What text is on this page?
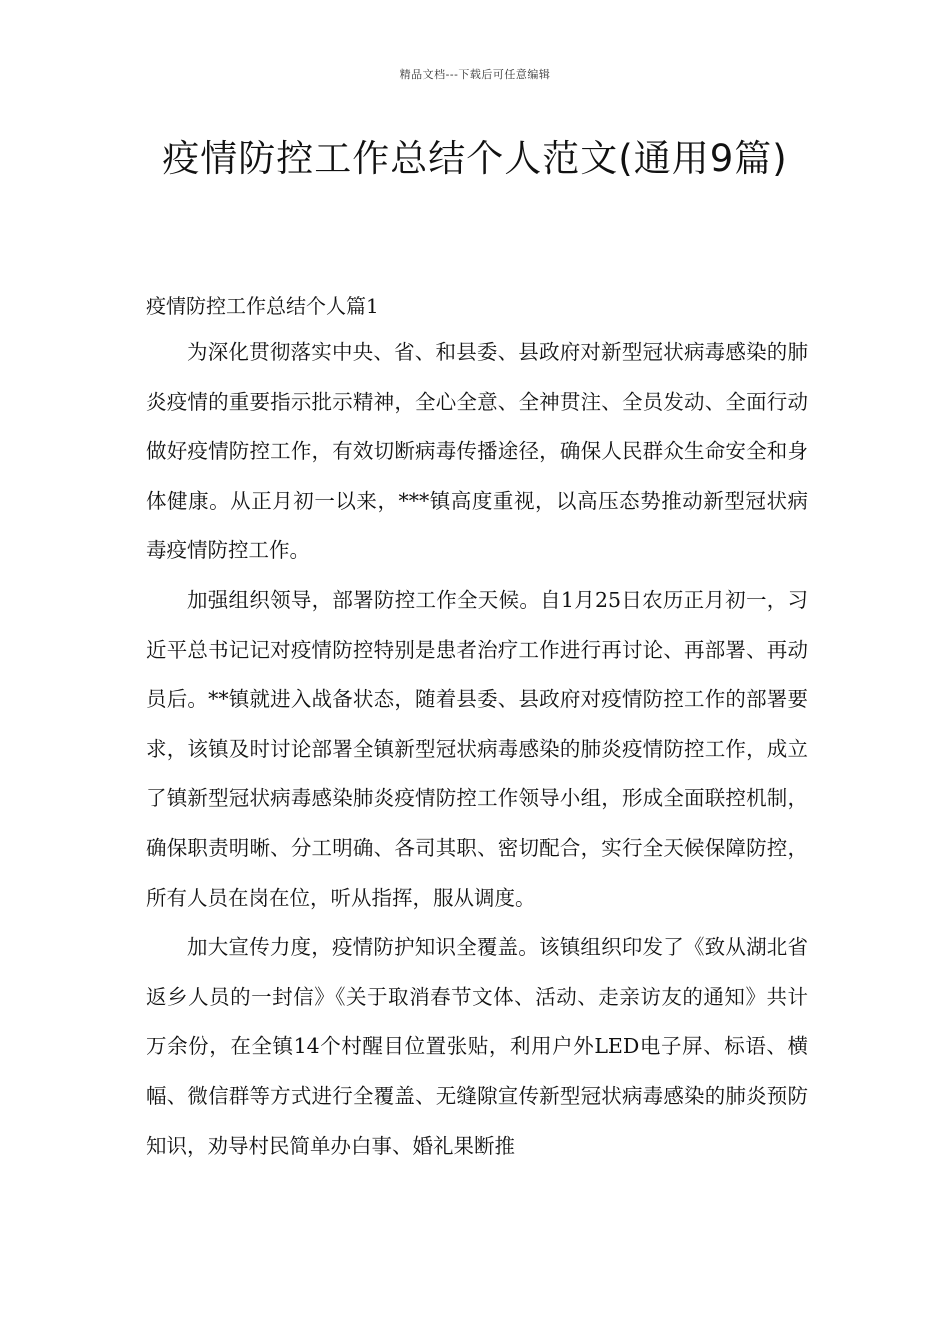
精品文档---下载后可任意编辑
疫情防控工作总结个人范文(通用9篇)
疫情防控工作总结个人篇1

为深化贯彻落实中央、省、和县委、县政府对新型冠状病毒感染的肺炎疫情的重要指示批示精神，全心全意、全神贯注、全员发动、全面行动做好疫情防控工作，有效切断病毒传播途径，确保人民群众生命安全和身体健康。从正月初一以来，***镇高度重视，以高压态势推动新型冠状病毒疫情防控工作。

加强组织领导，部署防控工作全天候。自1月25日农历正月初一，习近平总书记记对疫情防控特别是患者治疗工作进行再讨论、再部署、再动员后。**镇就进入战备状态，随着县委、县政府对疫情防控工作的部署要求，该镇及时讨论部署全镇新型冠状病毒感染的肺炎疫情防控工作，成立了镇新型冠状病毒感染肺炎疫情防控工作领导小组，形成全面联控机制，确保职责明晰、分工明确、各司其职、密切配合，实行全天候保障防控，所有人员在岗在位，听从指挥，服从调度。

加大宣传力度，疫情防护知识全覆盖。该镇组织印发了《致从湖北省返乡人员的一封信》《关于取消春节文体、活动、走亲访友的通知》共计万余份，在全镇14个村醒目位置张贴，利用户外LED电子屏、标语、横幅、微信群等方式进行全覆盖、无缝隙宣传新型冠状病毒感染的肺炎预防知识，劝导村民简单办白事、婚礼果断推
